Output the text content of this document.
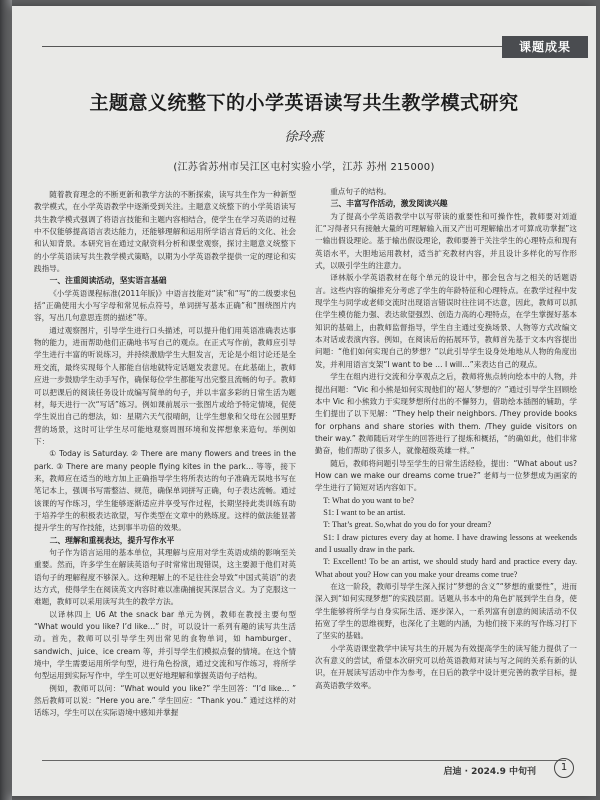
课题成果
主题意义统整下的小学英语读写共生教学模式研究
徐玲燕
(江苏省苏州市吴江区屯村实验小学，江苏 苏州 215000)

随着教育理念的不断更新和教学方法的不断探索，读写共生作为一种新型教学模式，在小学英语教学中逐渐受到关注。主题意义统整下的小学英语读写共生教学模式强调了将语言技能和主题内容相结合，使学生在学习英语的过程中不仅能够提高语言表达能力，还能够理解和运用所学语言背后的文化、社会和认知背景。本研究旨在通过文献资料分析和课堂观察，探讨主题意义统整下的小学英语读写共生教学模式策略，以期为小学英语教学提供一定的理论和实践指导。

一、注重阅读活动，坚实语言基础

《小学英语课程标准(2011年版)》中语言技能对“读”和“写”的二级要求包括“正确使用大小写字母和常见标点符号，单词拼写基本正确”和“围绕图片内容，写出几句意思连贯的描述”等。

通过观察图片，引导学生进行口头描述，可以提升他们用英语准确表达事物的能力，进而帮助他们正确地书写自己的观点。在正式写作前，教师应引导学生进行丰富的听说练习，并持续激励学生大胆发言，无论是小组讨论还是全班交流，最终实现每个人都能自信地就特定话题发表意见。在此基础上，教师应进一步鼓励学生动手写作，确保每位学生都能写出完整且流畅的句子。教师可以把课后的阅读任务设计成编写简单的句子，并以丰富多彩的日常生活为题材，每天进行一次“写话”练习。例如课前展示一张图片或给予特定情境，促使学生说出自己的想法，如：星期六天气很晴朗，让学生想象和父母在公园里野营的场景，这时可让学生尽可能地观察周围环境和发挥想象来造句。举例如下：

① Today is Saturday. ② There are many flowers and trees in the park. ③ There are many people flying kites in the park… 等等，接下来，教师应在适当的地方加上正确指导学生将所表达的句子准确无误地书写在笔记本上，强调书写需整洁、规范，确保单词拼写正确，句子表达流畅。通过该课的写作练习，学生能够逐渐适应并享受写作过程，长期坚持此类训练有助于培养学生的积极表达欲望，写作类型在文章中的熟练度。这样的做法能显著提升学生的写作技能，达到事半功倍的效果。

二、理解和重视表达，提升写作水平

句子作为语言运用的基本单位，其理解与应用对学生英语成绩的影响至关重要。然而，许多学生在解读英语句子时常常出现错误，这主要源于他们对英语句子的理解程度不够深入。这种理解上的不足往往会导致“中国式英语”的表达方式，使得学生在阅读英文内容时难以准确捕捉其深层含义。为了克服这一难题，教师可以采用读写共生的教学方法。

以译林四上 U6 At the snack bar 单元为例，教师在教授主要句型 “What would you like? I’d like…” 时，可以设计一系列有趣的读写共生活动。首先，教师可以引导学生列出常见的食物单词，如 hamburger、sandwich、juice、ice cream 等，并引导学生们模拟点餐的情境。在这个情境中，学生需要运用所学句型，进行角色扮演，通过交流和写作练习，将所学句型运用到实际写作中，学生可以更好地理解和掌握英语句子结构。

例如，教师可以问：“What would you like?” 学生回答：“I’d like… ” 然后教师可以说：“Here you are.” 学生回应：“Thank you.” 通过这样的对话练习，学生可以在实际语境中感知并掌握

重点句子的结构。

三、丰富写作活动，激发阅读兴趣

为了提高小学英语教学中以写带读的重要性和可操作性，教师要对刘道汇“习得者只有接触大量的可理解输入而又产出可理解输出才可算成功掌握”这一输出假设理论。基于输出假设理论，教师要善于关注学生的心理特点和现有英语水平，大胆地运用教材，适当扩充教材内容，并且设计多样化的写作形式，以吸引学生的注意力。

译林版小学英语教材在每个单元的设计中，都会包含与之相关的话题语言。这些内容的编排充分考虑了学生的年龄特征和心理特点。在教学过程中发现学生与同学或老师交流时出现语言错误时往往词不达意，因此，教师可以抓住学生模仿能力强、表达欲望强烈、创造力高的心理特点，在学生掌握好基本知识的基础上，由教师监督指导，学生自主通过变换场景、人物等方式改编文本对话或表演内容。例如，在阅读后的拓展环节，教师首先基于文本内容提出问题：“他们如何实现自己的梦想？”以此引导学生设身处地地从人物的角度出发，并利用语言支架“I want to be … I will…”来表达自己的观点。

学生在组内进行交流和分享观点之后，教师将焦点转向绘本中的人物，并提出问题：“Vic 和小熊是如何实现他们的‘超人’梦想的？”通过引导学生回顾绘本中 Vic 和小熊致力于实现梦想所付出的不懈努力，借助绘本插图的辅助，学生们提出了以下见解：“They help their neighbors. /They provide books for orphans and share stories with them. /They guide visitors on their way.” 教师随后对学生的回答进行了提炼和概括，“的确如此，他们非常勤奋，他们帮助了很多人，就像超级英雄一样。”

随后，教师将问题引导至学生的日常生活经验，提出：“What about us? How can we make our dreams come true?” 老师与一位梦想成为画家的学生进行了简短对话内容如下。

T: What do you want to be?

S1: I want to be an artist.

T: That’s great. So,what do you do for your dream?

S1: I draw pictures every day at home. I have drawing lessons at weekends and I usually draw in the park.

T: Excellent! To be an artist, we should study hard and practice every day. What about you? How can you make your dreams come true?

在这一阶段，教师引导学生深入探讨“梦想的含义”“梦想的重要性”，进而深入到“如何实现梦想”的实践层面。话题从书本中的角色扩展到学生自身，使学生能够将所学与自身实际生活、逐步深入，一系列富有创意的阅读活动不仅拓宽了学生的思维视野，也深化了主题的内涵，为他们接下来的写作练习打下了坚实的基础。

小学英语课堂教学中读写共生的开展为有效提高学生的读写能力提供了一次有意义的尝试，希望本次研究可以给英语教师对读与写之间的关系有新的认识，在开展读写活动中作为参考，在日后的教学中设计更完善的教学目标，提高英语教学效率。

启迪 · 2024.9 中旬刊	1
